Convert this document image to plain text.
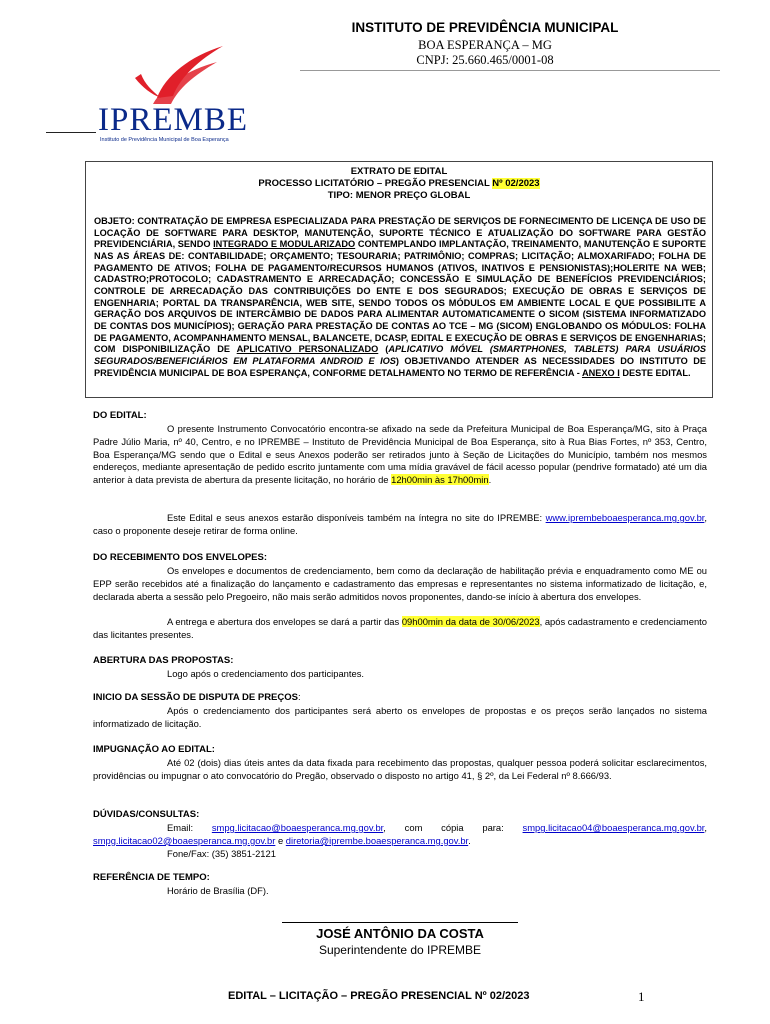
IPREMBE
Instituto de Previdência Municipal de Boa Esperança
INSTITUTO DE PREVIDÊNCIA MUNICIPAL
BOA ESPERANÇA – MG
CNPJ: 25.660.465/0001-08
EXTRATO DE EDITAL
PROCESSO LICITATÓRIO – PREGÃO PRESENCIAL Nº 02/2023
TIPO: MENOR PREÇO GLOBAL
OBJETO: CONTRATAÇÃO DE EMPRESA ESPECIALIZADA PARA PRESTAÇÃO DE SERVIÇOS DE FORNECIMENTO DE LICENÇA DE USO DE LOCAÇÃO DE SOFTWARE PARA DESKTOP, MANUTENÇÃO, SUPORTE TÉCNICO E ATUALIZAÇÃO DO SOFTWARE PARA GESTÃO PREVIDENCIÁRIA, SENDO INTEGRADO E MODULARIZADO CONTEMPLANDO IMPLANTAÇÃO, TREINAMENTO, MANUTENÇÃO E SUPORTE NAS AS ÁREAS DE: CONTABILIDADE; ORÇAMENTO; TESOURARIA; PATRIMÔNIO; COMPRAS; LICITAÇÃO; ALMOXARIFADO; FOLHA DE PAGAMENTO DE ATIVOS; FOLHA DE PAGAMENTO/RECURSOS HUMANOS (ATIVOS, INATIVOS E PENSIONISTAS);HOLERITE NA WEB; CADASTRO;PROTOCOLO; CADASTRAMENTO E ARRECADAÇÃO; CONCESSÃO E SIMULAÇÃO DE BENEFÍCIOS PREVIDENCIÁRIOS; CONTROLE DE ARRECADAÇÃO DAS CONTRIBUIÇÕES DO ENTE E DOS SEGURADOS; EXECUÇÃO DE OBRAS E SERVIÇOS DE ENGENHARIA; PORTAL DA TRANSPARÊNCIA, WEB SITE, SENDO TODOS OS MÓDULOS EM AMBIENTE LOCAL E QUE POSSIBILITE A GERAÇÃO DOS ARQUIVOS DE INTERCÂMBIO DE DADOS PARA ALIMENTAR AUTOMATICAMENTE O SICOM (SISTEMA INFORMATIZADO DE CONTAS DOS MUNICÍPIOS); GERAÇÃO PARA PRESTAÇÃO DE CONTAS AO TCE – MG (SICOM) ENGLOBANDO OS MÓDULOS: FOLHA DE PAGAMENTO, ACOMPANHAMENTO MENSAL, BALANCETE, DCASP, EDITAL E EXECUÇÃO DE OBRAS E SERVIÇOS DE ENGENHARIAS; COM DISPONIBILIZAÇÃO DE APLICATIVO PERSONALIZADO (APLICATIVO MÓVEL (SMARTPHONES, TABLETS) PARA USUÁRIOS SEGURADOS/BENEFICIÁRIOS EM PLATAFORMA ANDROID E IOS) OBJETIVANDO ATENDER AS NECESSIDADES DO INSTITUTO DE PREVIDÊNCIA MUNICIPAL DE BOA ESPERANÇA, CONFORME DETALHAMENTO NO TERMO DE REFERÊNCIA - ANEXO I DESTE EDITAL.
DO EDITAL:

O presente Instrumento Convocatório encontra-se afixado na sede da Prefeitura Municipal de Boa Esperança/MG, sito à Praça Padre Júlio Maria, nº 40, Centro, e no IPREMBE – Instituto de Previdência Municipal de Boa Esperança, sito à Rua Bias Fortes, nº 353, Centro, Boa Esperança/MG sendo que o Edital e seus Anexos poderão ser retirados junto à Seção de Licitações do Município, também nos mesmos endereços, mediante apresentação de pedido escrito juntamente com uma mídia gravável de fácil acesso popular (pendrive formatado) até um dia anterior à data prevista de abertura da presente licitação, no horário de 12h00min às 17h00min.

Este Edital e seus anexos estarão disponíveis também na íntegra no site do IPREMBE: www.iprembeboaesperanca.mg.gov.br, caso o proponente deseje retirar de forma online.

DO RECEBIMENTO DOS ENVELOPES:

Os envelopes e documentos de credenciamento, bem como da declaração de habilitação prévia e enquadramento como ME ou EPP serão recebidos até a finalização do lançamento e cadastramento das empresas e representantes no sistema informatizado de licitação, e, declarada aberta a sessão pelo Pregoeiro, não mais serão admitidos novos proponentes, dando-se início à abertura dos envelopes.

A entrega e abertura dos envelopes se dará a partir das 09h00min da data de 30/06/2023, após cadastramento e credenciamento das licitantes presentes.

ABERTURA DAS PROPOSTAS:
Logo após o credenciamento dos participantes.
INICIO DA SESSÃO DE DISPUTA DE PREÇOS:

Após o credenciamento dos participantes será aberto os envelopes de propostas e os preços serão lançados no sistema informatizado de licitação.

IMPUGNAÇÃO AO EDITAL:

Até 02 (dois) dias úteis antes da data fixada para recebimento das propostas, qualquer pessoa poderá solicitar esclarecimentos, providências ou impugnar o ato convocatório do Pregão, observado o disposto no artigo 41, § 2º, da Lei Federal nº 8.666/93.

DÚVIDAS/CONSULTAS:

Email: smpg.licitacao@boaesperanca.mg.gov.br, com cópia para: smpg.licitacao04@boaesperanca.mg.gov.br, smpg.licitacao02@boaesperanca.mg.gov.br e diretoria@iprembe.boaesperanca.mg.gov.br.

Fone/Fax: (35) 3851-2121
REFERÊNCIA DE TEMPO:
Horário de Brasília (DF).
JOSÉ ANTÔNIO DA COSTA
Superintendente do IPREMBE
EDITAL – LICITAÇÃO – PREGÃO PRESENCIAL Nº 02/2023	1
